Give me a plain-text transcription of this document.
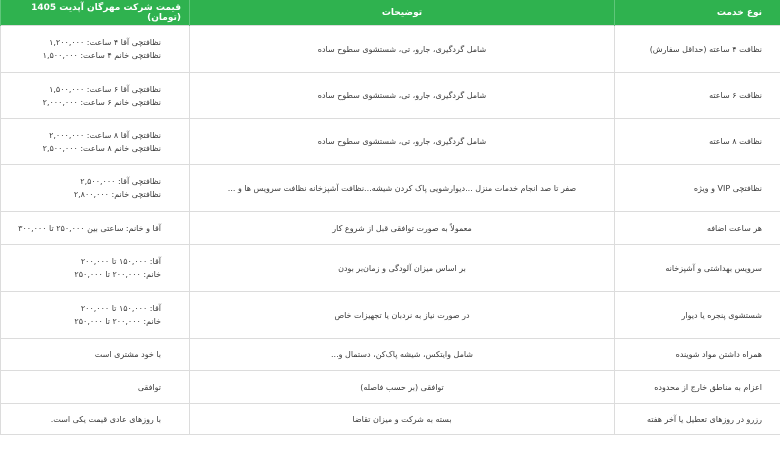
نوع خدمت	توضیحات	قیمت شرکت مهرگان آپدیت 1405 (تومان)
نظافت ۴ ساعته (حداقل سفارش)	شامل گردگیری، جارو، تی، شستشوی سطوح ساده	نظافتچی آقا ۴ ساعت: ۱,۲۰۰,۰۰۰
نظافتچی خانم ۴ ساعت: ۱,۵۰۰,۰۰۰

نظافت ۶ ساعته	شامل گردگیری، جارو، تی، شستشوی سطوح ساده	نظافتچی آقا ۶ ساعت: ۱,۵۰۰,۰۰۰
نظافتچی خانم ۶ ساعت: ۲,۰۰۰,۰۰۰

نظافت ۸ ساعته	شامل گردگیری، جارو، تی، شستشوی سطوح ساده	نظافتچی آقا ۸ ساعت: ۲,۰۰۰,۰۰۰
نظافتچی خانم ۸ ساعت: ۲,۵۰۰,۰۰۰

نظافتچی VIP و ویژه	صفر تا صد انجام خدمات منزل ...دیوارشویی پاک کردن شیشه...نظافت آشپزخانه نظافت سرویس ها و ...	نظافتچی آقا: ۲,۵۰۰,۰۰۰
نظافتچی خانم: ۲,۸۰۰,۰۰۰

هر ساعت اضافه	معمولاً به صورت توافقی قبل از شروع کار	آقا و خانم: ساعتی بین ۲۵۰,۰۰۰ تا ۳۰۰,۰۰۰

سرویس بهداشتی و آشپزخانه	بر اساس میزان آلودگی و زمان‌بر بودن	آقا: ۱۵۰,۰۰۰ تا ۲۰۰,۰۰۰
خانم: ۲۰۰,۰۰۰ تا ۲۵۰,۰۰۰

شستشوی پنجره یا دیوار	در صورت نیاز به نردبان یا تجهیزات خاص	آقا: ۱۵۰,۰۰۰ تا ۲۰۰,۰۰۰
خانم: ۲۰۰,۰۰۰ تا ۲۵۰,۰۰۰

همراه داشتن مواد شوینده	شامل وایتکس، شیشه پاک‌کن، دستمال و...	با خود مشتری است

اعزام به مناطق خارج از محدوده	توافقی (بر حسب فاصله)	توافقی

رزرو در روزهای تعطیل یا آخر هفته	بسته به شرکت و میزان تقاضا	با روزهای عادی قیمت یکی است.
